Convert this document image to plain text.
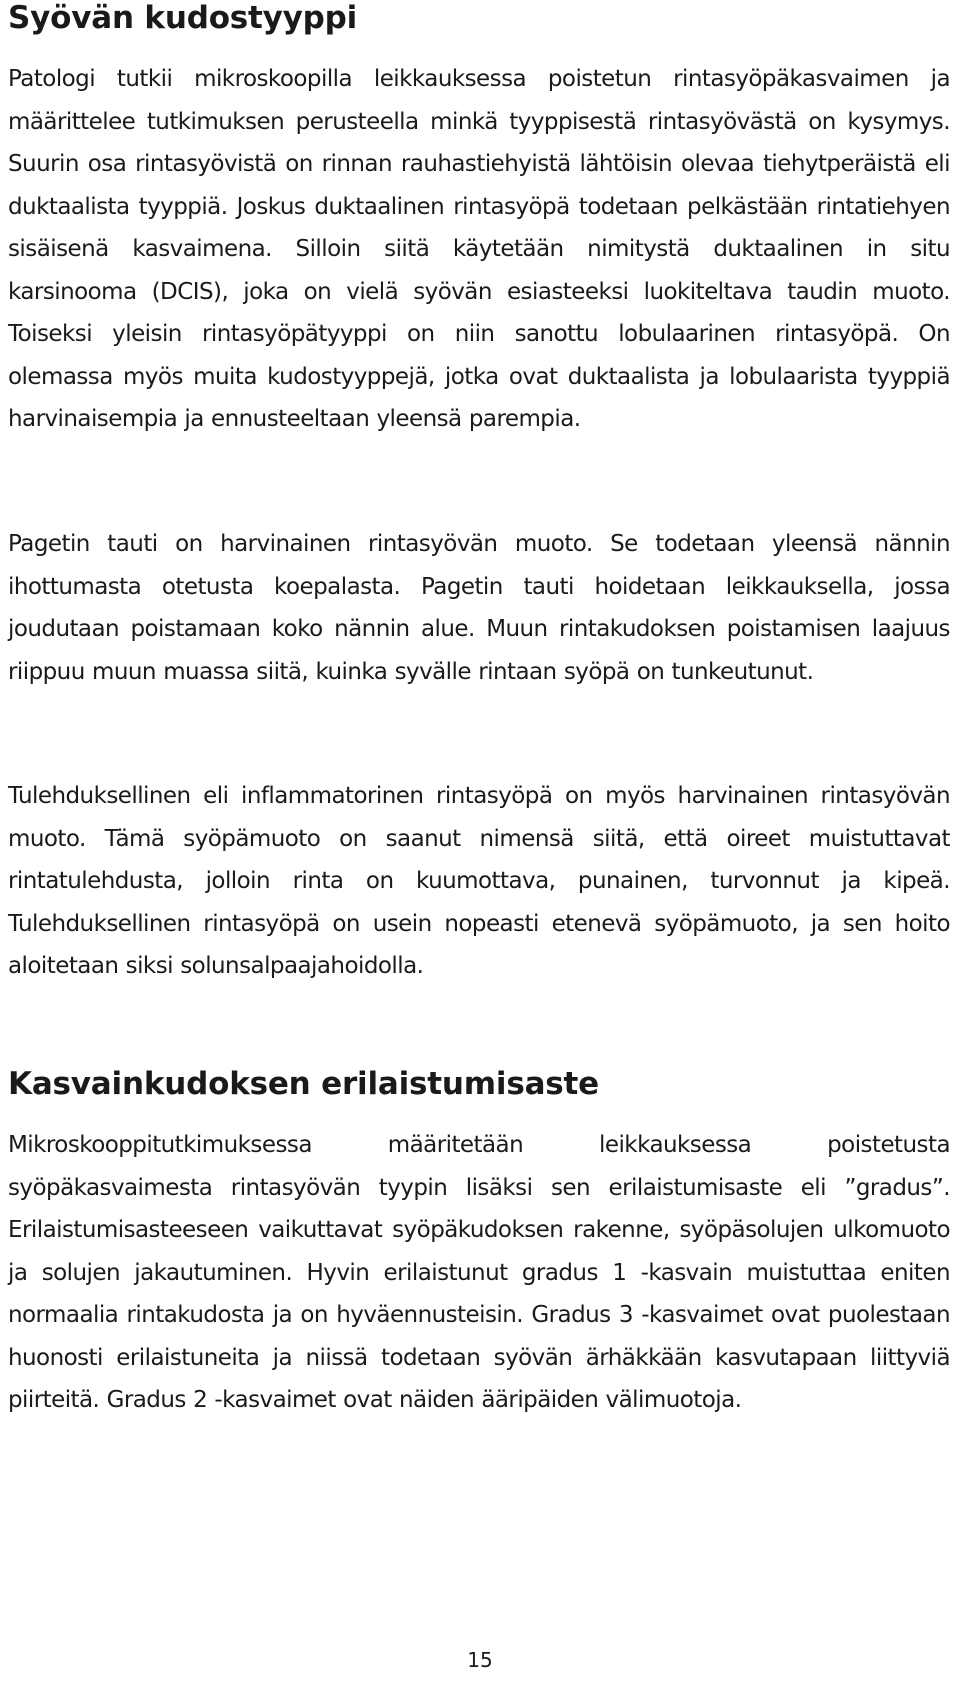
Syövän kudostyyppi

Patologi tutkii mikroskoopilla leikkauksessa poistetun rintasyöpäkasvaimen ja määrittelee tutkimuksen perusteella minkä tyyppisestä rintasyövästä on kysymys. Suurin osa rintasyövistä on rinnan rauhastiehyistä lähtöisin olevaa tiehytperäistä eli duktaalista tyyppiä. Joskus duktaalinen rintasyöpä todetaan pelkästään rintatiehyen sisäisenä kasvaimena. Silloin siitä käytetään nimitystä duktaalinen in situ karsinooma (DCIS), joka on vielä syövän esiasteeksi luokiteltava taudin muoto. Toiseksi yleisin rintasyöpätyyppi on niin sanottu lobulaarinen rintasyöpä. On olemassa myös muita kudostyyppejä, jotka ovat duktaalista ja lobulaarista tyyppiä harvinaisempia ja ennusteeltaan yleensä parempia.

Pagetin tauti on harvinainen rintasyövän muoto. Se todetaan yleensä nännin ihottumasta otetusta koepalasta. Pagetin tauti hoidetaan leikkauksella, jossa joudutaan poistamaan koko nännin alue. Muun rintakudoksen poistamisen laajuus riippuu muun muassa siitä, kuinka syvälle rintaan syöpä on tunkeutunut.

Tulehduksellinen eli inflammatorinen rintasyöpä on myös harvinainen rintasyövän muoto. Tämä syöpämuoto on saanut nimensä siitä, että oireet muistuttavat rintatulehdusta, jolloin rinta on kuumottava, punainen, turvonnut ja kipeä. Tulehduksellinen rintasyöpä on usein nopeasti etenevä syöpämuoto, ja sen hoito aloitetaan siksi solunsalpaajahoidolla.

Kasvainkudoksen erilaistumisaste

Mikroskooppitutkimuksessa määritetään leikkauksessa poistetusta syöpäkasvaimesta rintasyövän tyypin lisäksi sen erilaistumisaste eli ”gradus”. Erilaistumisasteeseen vaikuttavat syöpäkudoksen rakenne, syöpäsolujen ulkomuoto ja solujen jakautuminen. Hyvin erilaistunut gradus 1 -kasvain muistuttaa eniten normaalia rintakudosta ja on hyväennusteisin. Gradus 3 -kasvaimet ovat puolestaan huonosti erilaistuneita ja niissä todetaan syövän ärhäkkään kasvutapaan liittyviä piirteitä. Gradus 2 -kasvaimet ovat näiden ääripäiden välimuotoja.

15
